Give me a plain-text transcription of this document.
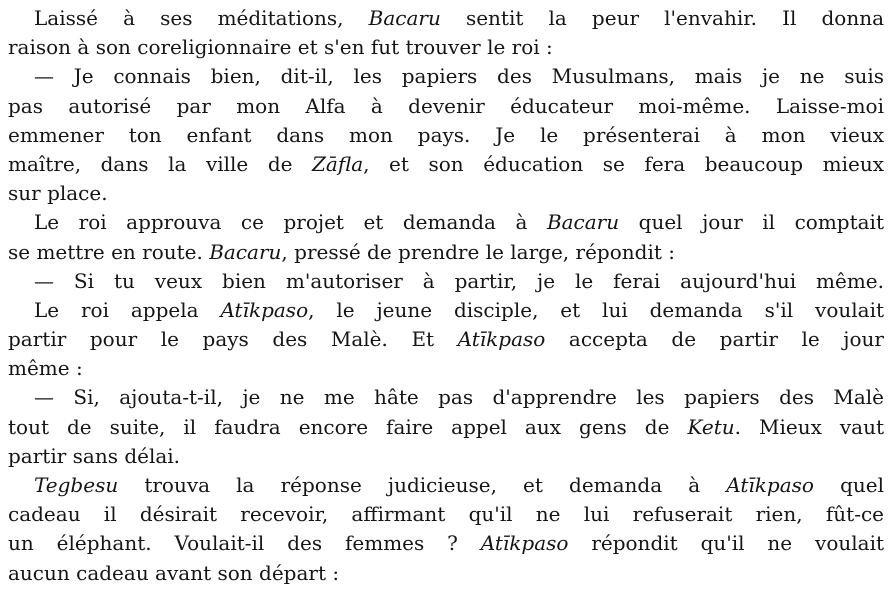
Laissé à ses méditations, Bacaru sentit la peur l'envahir. Il donna
raison à son coreligionnaire et s'en fut trouver le roi :
— Je connais bien, dit-il, les papiers des Musulmans, mais je ne suis
pas autorisé par mon Alfa à devenir éducateur moi-même. Laisse-moi
emmener ton enfant dans mon pays. Je le présenterai à mon vieux
maître, dans la ville de Zāfla, et son éducation se fera beaucoup mieux
sur place.
Le roi approuva ce projet et demanda à Bacaru quel jour il comptait
se mettre en route. Bacaru, pressé de prendre le large, répondit :
— Si tu veux bien m'autoriser à partir, je le ferai aujourd'hui même.
Le roi appela Atīkpaso, le jeune disciple, et lui demanda s'il voulait
partir pour le pays des Malè. Et Atīkpaso accepta de partir le jour
même :
— Si, ajouta-t-il, je ne me hâte pas d'apprendre les papiers des Malè
tout de suite, il faudra encore faire appel aux gens de Ketu. Mieux vaut
partir sans délai.
Tegbesu trouva la réponse judicieuse, et demanda à Atīkpaso quel
cadeau il désirait recevoir, affirmant qu'il ne lui refuserait rien, fût-ce
un éléphant. Voulait-il des femmes ? Atīkpaso répondit qu'il ne voulait
aucun cadeau avant son départ :
